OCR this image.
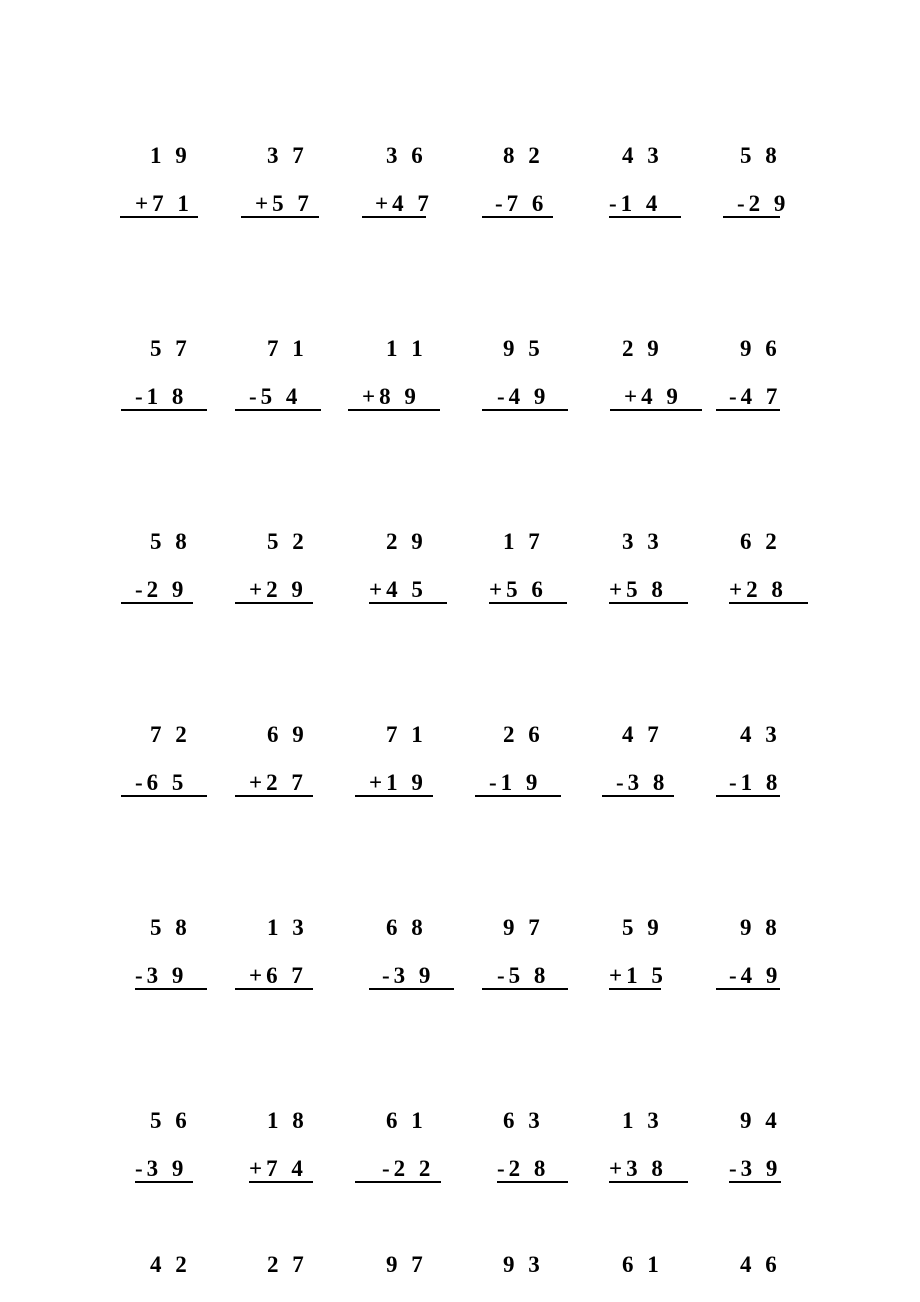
1 9
+7 1
3 7
+5 7
3 6
+4 7
8 2
-7 6
4 3
-1 4
5 8
-2 9
5 7
-1 8
7 1
-5 4
1 1
+8 9
9 5
-4 9
2 9
+4 9
9 6
-4 7
5 8
-2 9
5 2
+2 9
2 9
+4 5
1 7
+5 6
3 3
+5 8
6 2
+2 8
7 2
-6 5
6 9
+2 7
7 1
+1 9
2 6
-1 9
4 7
-3 8
4 3
-1 8
5 8
-3 9
1 3
+6 7
6 8
-3 9
9 7
-5 8
5 9
+1 5
9 8
-4 9
5 6
-3 9
4 2
1 8
+7 4
2 7
6 1
-2 2
9 7
6 3
-2 8
9 3
1 3
+3 8
6 1
9 4
-3 9
4 6
